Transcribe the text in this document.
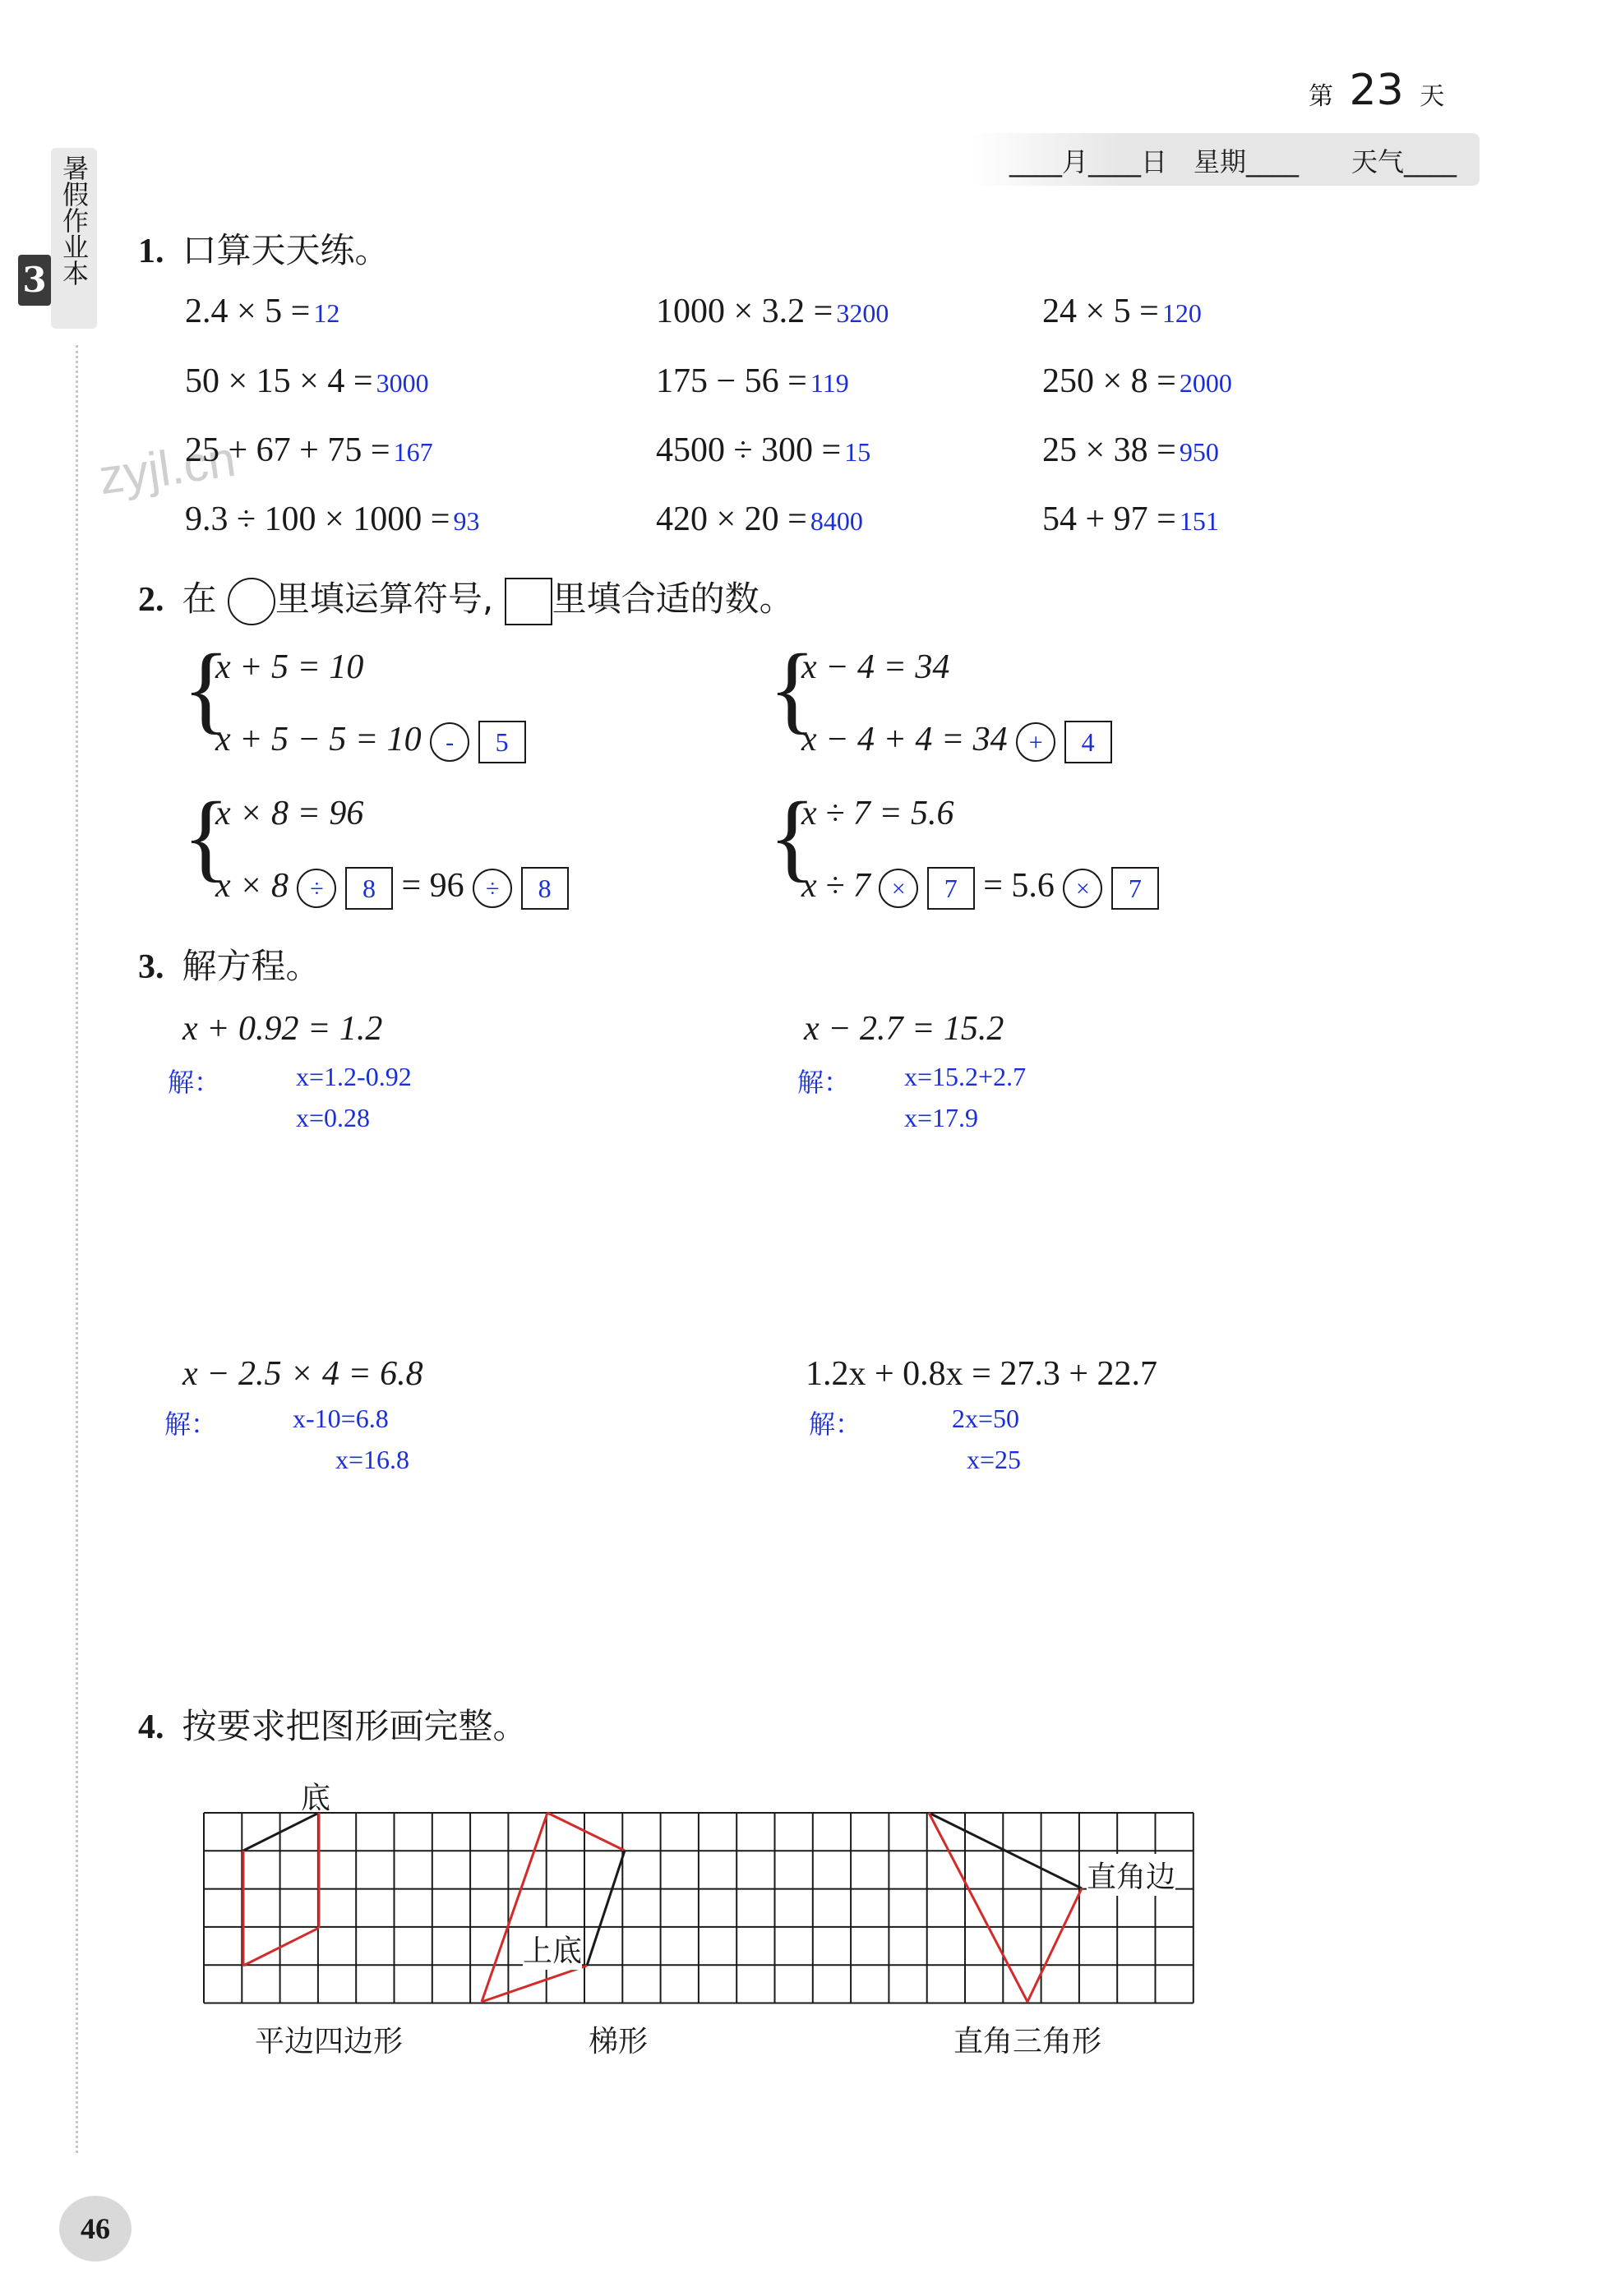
暑假作业本
3
第 23 天
____月____日　星期____　　天气____
zyjl.cn
1. 口算天天练。
2.4 × 5 = 12	1000 × 3.2 = 3200	24 × 5 = 120
50 × 15 × 4 = 3000	175 − 56 = 119	250 × 8 = 2000
25 + 67 + 75 = 167	4500 ÷ 300 = 15	25 × 38 = 950
9.3 ÷ 100 × 1000 = 93	420 × 20 = 8400	54 + 97 = 151
2. 在 里填运算符号, 里填合适的数。
{
x + 5 = 10
x + 5 − 5 = 10 - 5	{
x − 4 = 34
x − 4 + 4 = 34 + 4
{
x × 8 = 96
x × 8 ÷ 8 = 96 ÷ 8 {
x ÷ 7 = 5.6
x ÷ 7 × 7 = 5.6 × 7
3. 解方程。
x + 0.92 = 1.2
解：	x=1.2-0.92
x=0.28
x − 2.7 = 15.2
解： x=15.2+2.7
x=17.9
x − 2.5 × 4 = 6.8
解：	x-10=6.8
x=16.8
1.2x + 0.8x = 27.3 + 22.7
解：	2x=50
x=25
4. 按要求把图形画完整。
底
上底
直角边
平边四边形	梯形	直角三角形
46
